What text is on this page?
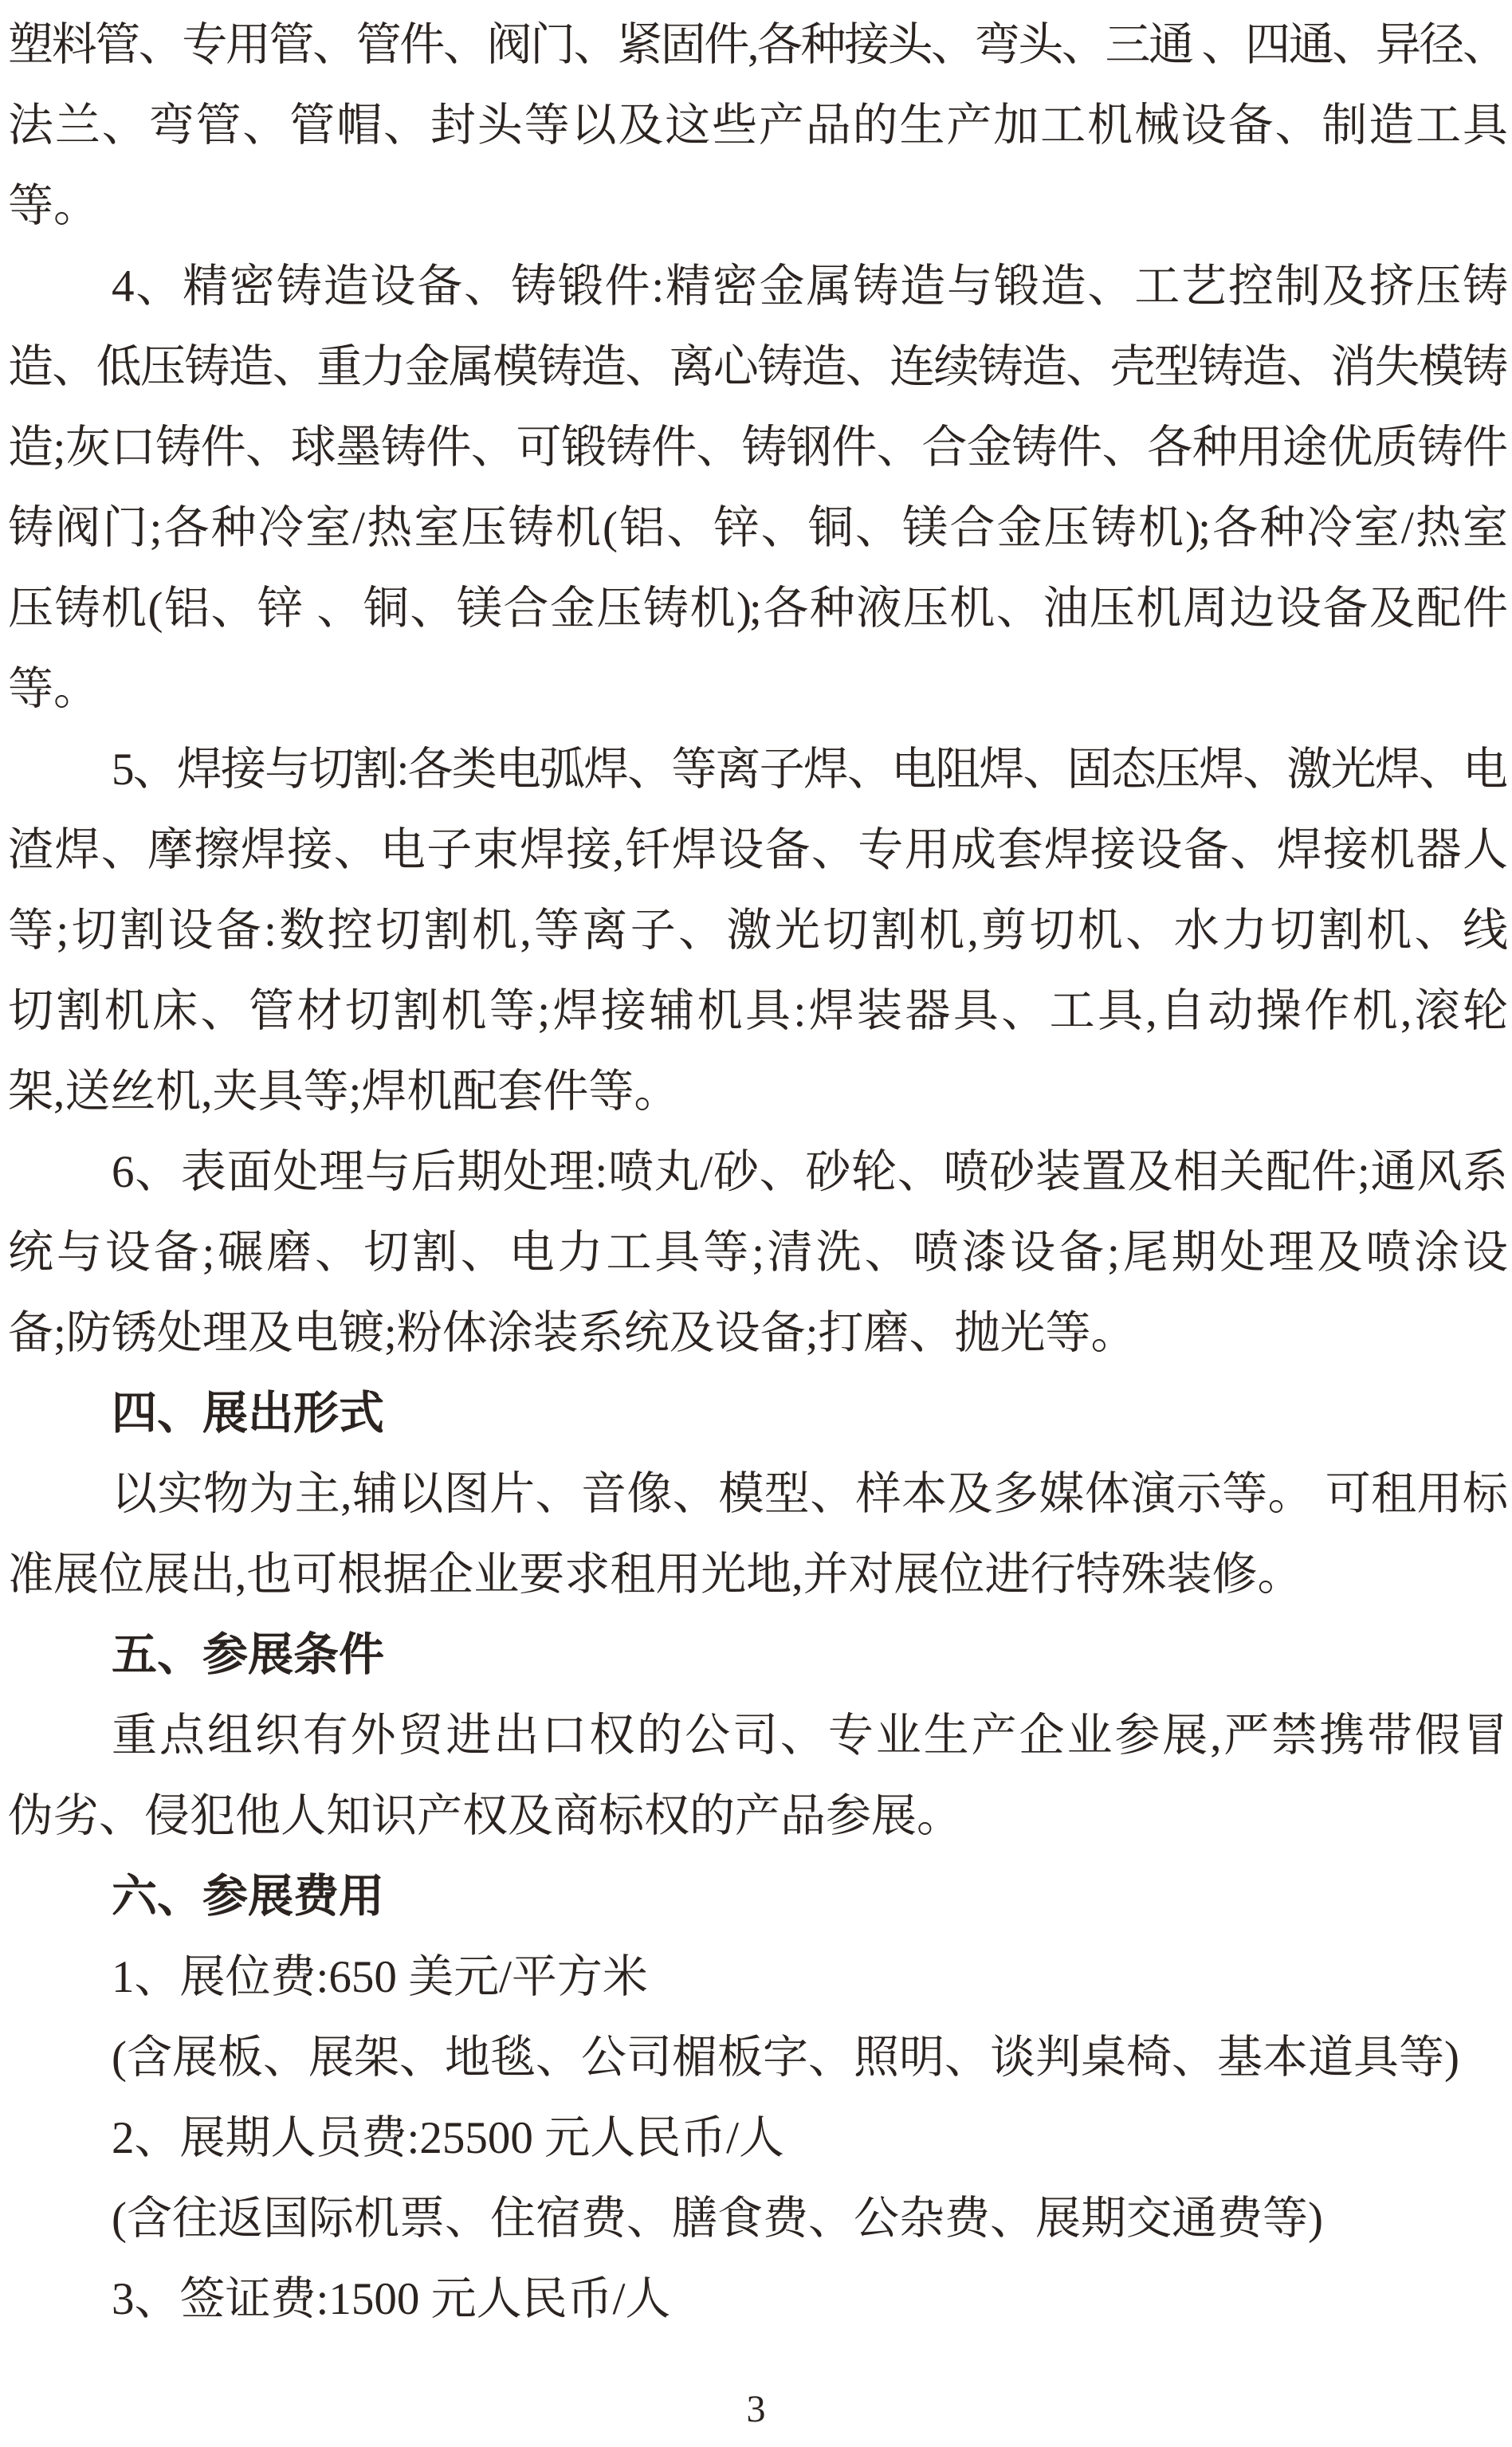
塑料管、专用管、管件、阀门、紧固件,各种接头、弯头、三通 、四通、异径、
法兰、弯管、管帽、封头等以及这些产品的生产加工机械设备、制造工具
等。
4、精密铸造设备、铸锻件:精密金属铸造与锻造、工艺控制及挤压铸
造、低压铸造、重力金属模铸造、离心铸造、连续铸造、壳型铸造、消失模铸
造;灰口铸件、球墨铸件、可锻铸件、铸钢件、合金铸件、各种用途优质铸件
铸阀门;各种冷室/热室压铸机(铝、锌、铜、镁合金压铸机);各种冷室/热室
压铸机(铝、锌 、铜、镁合金压铸机);各种液压机、油压机周边设备及配件
等。
5、焊接与切割:各类电弧焊、等离子焊、电阻焊、固态压焊、激光焊、电
渣焊、摩擦焊接、电子束焊接,钎焊设备、专用成套焊接设备、焊接机器人
等;切割设备:数控切割机,等离子、激光切割机,剪切机、水力切割机、线
切割机床、管材切割机等;焊接辅机具:焊装器具、工具,自动操作机,滚轮
架,送丝机,夹具等;焊机配套件等。
6、表面处理与后期处理:喷丸/砂、砂轮、喷砂装置及相关配件;通风系
统与设备;碾磨、切割、电力工具等;清洗、喷漆设备;尾期处理及喷涂设
备;防锈处理及电镀;粉体涂装系统及设备;打磨、抛光等。
四、展出形式
以实物为主,辅以图片、音像、模型、样本及多媒体演示等。 可租用标
准展位展出,也可根据企业要求租用光地,并对展位进行特殊装修。
五、参展条件
重点组织有外贸进出口权的公司、专业生产企业参展,严禁携带假冒
伪劣、侵犯他人知识产权及商标权的产品参展。
六、参展费用
1、展位费:650 美元/平方米
(含展板、展架、地毯、公司楣板字、照明、谈判桌椅、基本道具等)
2、展期人员费:25500 元人民币/人
(含往返国际机票、住宿费、膳食费、公杂费、展期交通费等)
3、签证费:1500 元人民币/人
3
